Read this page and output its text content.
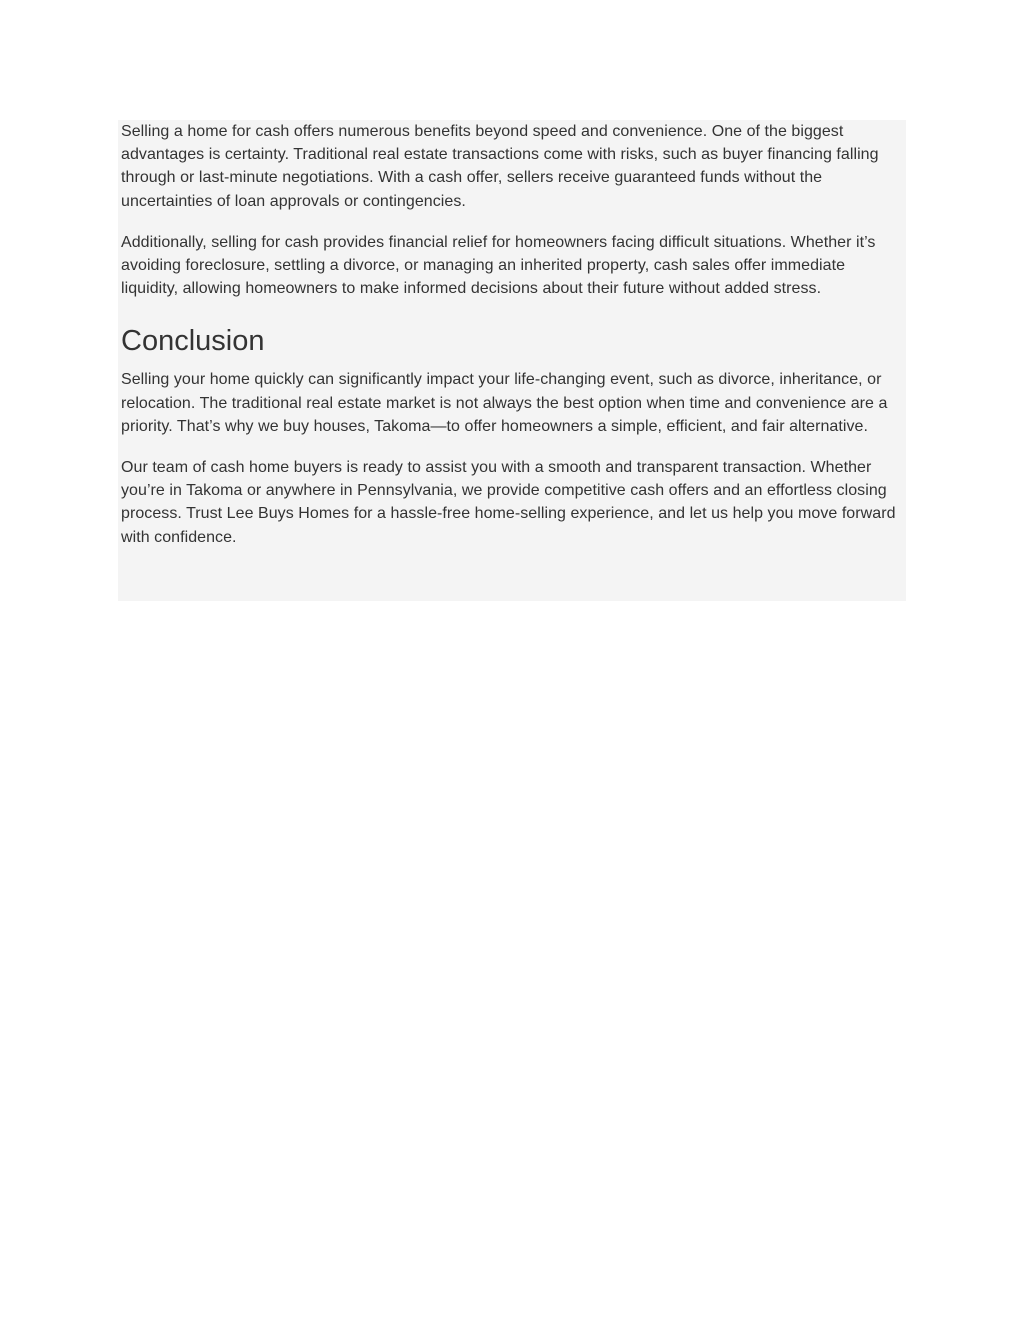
Selling a home for cash offers numerous benefits beyond speed and convenience. One of the biggest advantages is certainty. Traditional real estate transactions come with risks, such as buyer financing falling through or last-minute negotiations. With a cash offer, sellers receive guaranteed funds without the uncertainties of loan approvals or contingencies.

Additionally, selling for cash provides financial relief for homeowners facing difficult situations. Whether it’s avoiding foreclosure, settling a divorce, or managing an inherited property, cash sales offer immediate liquidity, allowing homeowners to make informed decisions about their future without added stress.

Conclusion

Selling your home quickly can significantly impact your life-changing event, such as divorce, inheritance, or relocation. The traditional real estate market is not always the best option when time and convenience are a priority. That’s why we buy houses, Takoma—to offer homeowners a simple, efficient, and fair alternative.

Our team of cash home buyers is ready to assist you with a smooth and transparent transaction. Whether you’re in Takoma or anywhere in Pennsylvania, we provide competitive cash offers and an effortless closing process. Trust Lee Buys Homes for a hassle-free home-selling experience, and let us help you move forward with confidence.
